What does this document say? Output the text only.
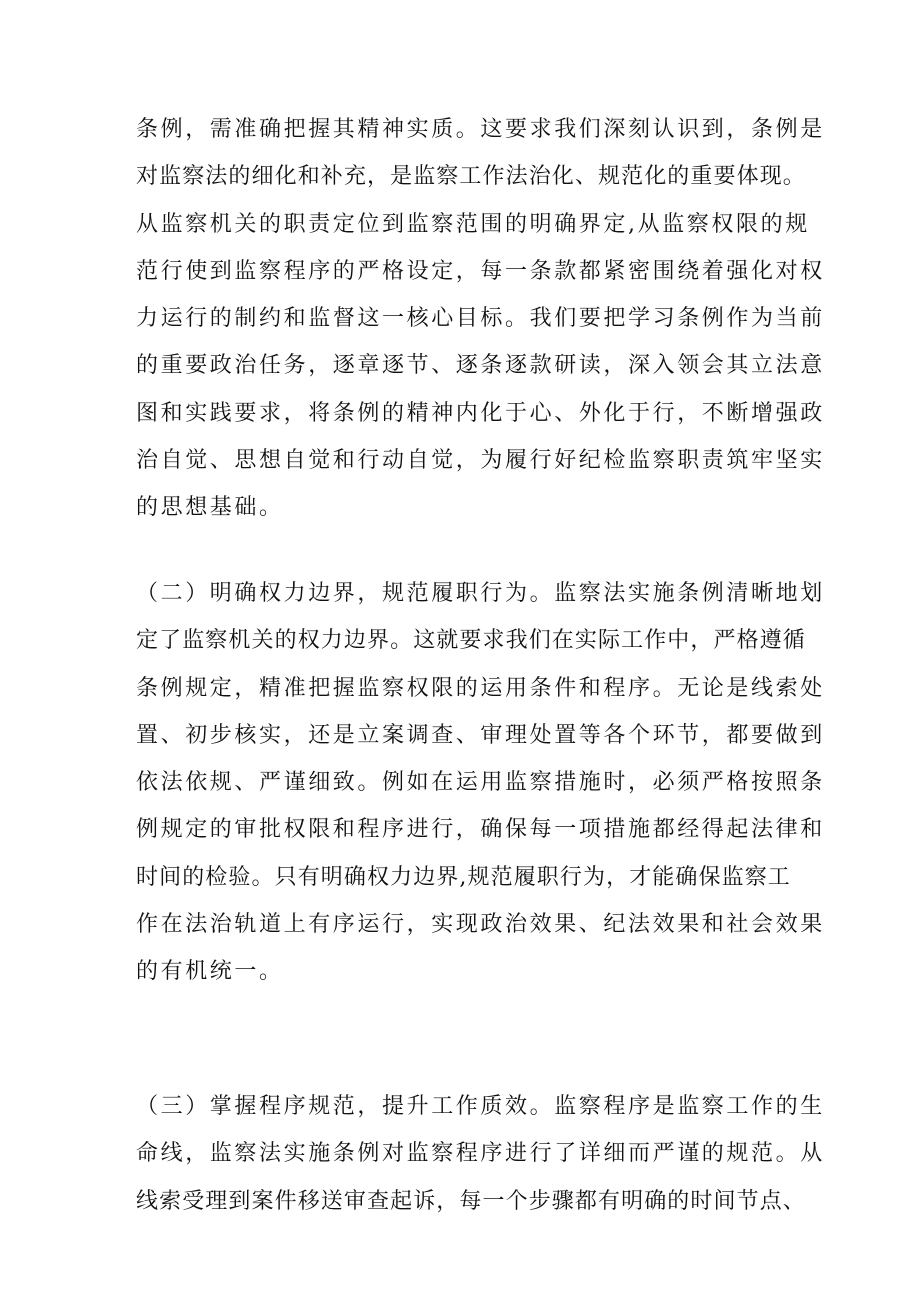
条例，需准确把握其精神实质。这要求我们深刻认识到，条例是
对监察法的细化和补充，是监察工作法治化、规范化的重要体现。
从监察机关的职责定位到监察范围的明确界定,从监察权限的规
范行使到监察程序的严格设定，每一条款都紧密围绕着强化对权
力运行的制约和监督这一核心目标。我们要把学习条例作为当前
的重要政治任务，逐章逐节、逐条逐款研读，深入领会其立法意
图和实践要求，将条例的精神内化于心、外化于行，不断增强政
治自觉、思想自觉和行动自觉，为履行好纪检监察职责筑牢坚实
的思想基础。
（二）明确权力边界，规范履职行为。监察法实施条例清晰地划
定了监察机关的权力边界。这就要求我们在实际工作中，严格遵循
条例规定，精准把握监察权限的运用条件和程序。无论是线索处
置、初步核实，还是立案调查、审理处置等各个环节，都要做到
依法依规、严谨细致。例如在运用监察措施时，必须严格按照条
例规定的审批权限和程序进行，确保每一项措施都经得起法律和
时间的检验。只有明确权力边界,规范履职行为，才能确保监察工
作在法治轨道上有序运行，实现政治效果、纪法效果和社会效果
的有机统一。
（三）掌握程序规范，提升工作质效。监察程序是监察工作的生
命线，监察法实施条例对监察程序进行了详细而严谨的规范。从
线索受理到案件移送审查起诉，每一个步骤都有明确的时间节点、
